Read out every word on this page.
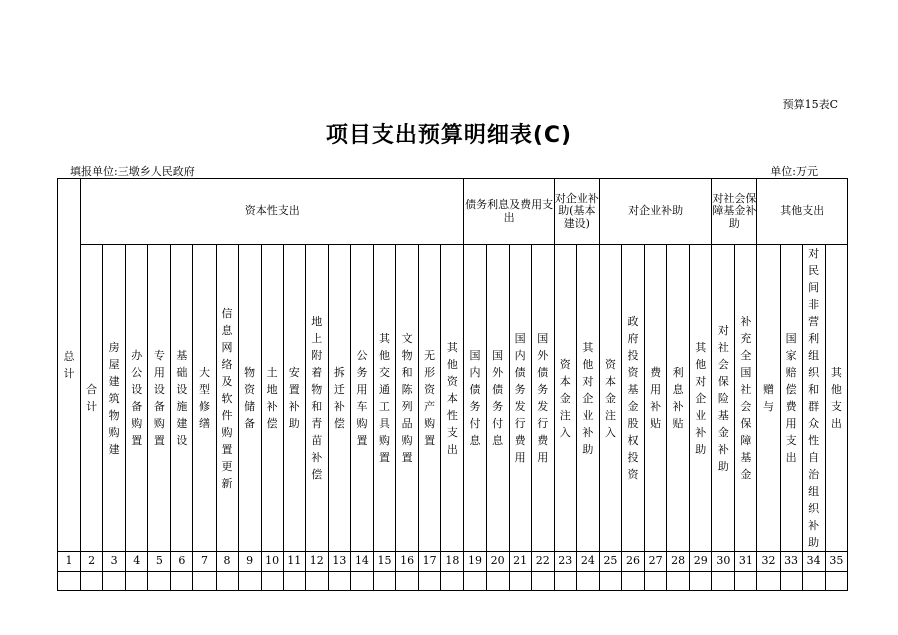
预算15表C
项目支出预算明细表(C)
填报单位:三墩乡人民政府	单位:万元
总计	资本性支出																	债务利息及费用支出				对企业补助(基本建设)		对企业补助					对社会保障基金补助		其他支出			
	合计	房屋建筑物购建	办公设备购置	专用设备购置	基础设施建设	大型修缮	信息网络及软件购置更新	物资储备	土地补偿	安置补助	地上附着物和青苗补偿	拆迁补偿	公务用车购置	其他交通工具购置	文物和陈列品购置	无形资产购置	其他资本性支出	国内债务付息	国外债务付息	国内债务发行费用	国外债务发行费用	资本金注入	其他对企业补助	资本金注入	政府投资基金股权投资	费用补贴	利息补贴	其他对企业补助	对社会保险基金补助	补充全国社会保障基金	赠与	国家赔偿费用支出	对民间非营利组织和群众性自治组织补助	其他支出
1	2	3	4	5	6	7	8	9	10	11	12	13	14	15	16	17	18	19	20	21	22	23	24	25	26	27	28	29	30	31	32	33	34	35
